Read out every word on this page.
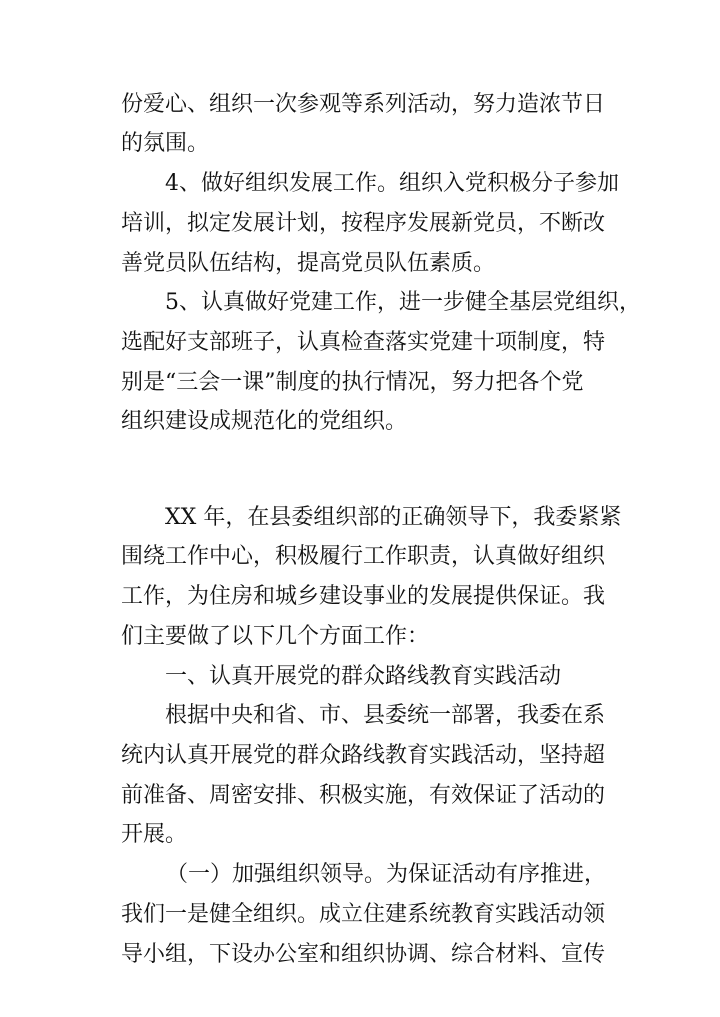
份爱心、组织一次参观等系列活动，努力造浓节日
的氛围。
4、做好组织发展工作。组织入党积极分子参加
培训，拟定发展计划，按程序发展新党员，不断改
善党员队伍结构，提高党员队伍素质。
5、认真做好党建工作，进一步健全基层党组织，
选配好支部班子，认真检查落实党建十项制度，特
别是“三会一课”制度的执行情况，努力把各个党
组织建设成规范化的党组织。
XX 年，在县委组织部的正确领导下，我委紧紧
围绕工作中心，积极履行工作职责，认真做好组织
工作，为住房和城乡建设事业的发展提供保证。我
们主要做了以下几个方面工作：
一、认真开展党的群众路线教育实践活动
根据中央和省、市、县委统一部署，我委在系
统内认真开展党的群众路线教育实践活动，坚持超
前准备、周密安排、积极实施，有效保证了活动的
开展。
（一）加强组织领导。为保证活动有序推进，
我们一是健全组织。成立住建系统教育实践活动领
导小组，下设办公室和组织协调、综合材料、宣传
